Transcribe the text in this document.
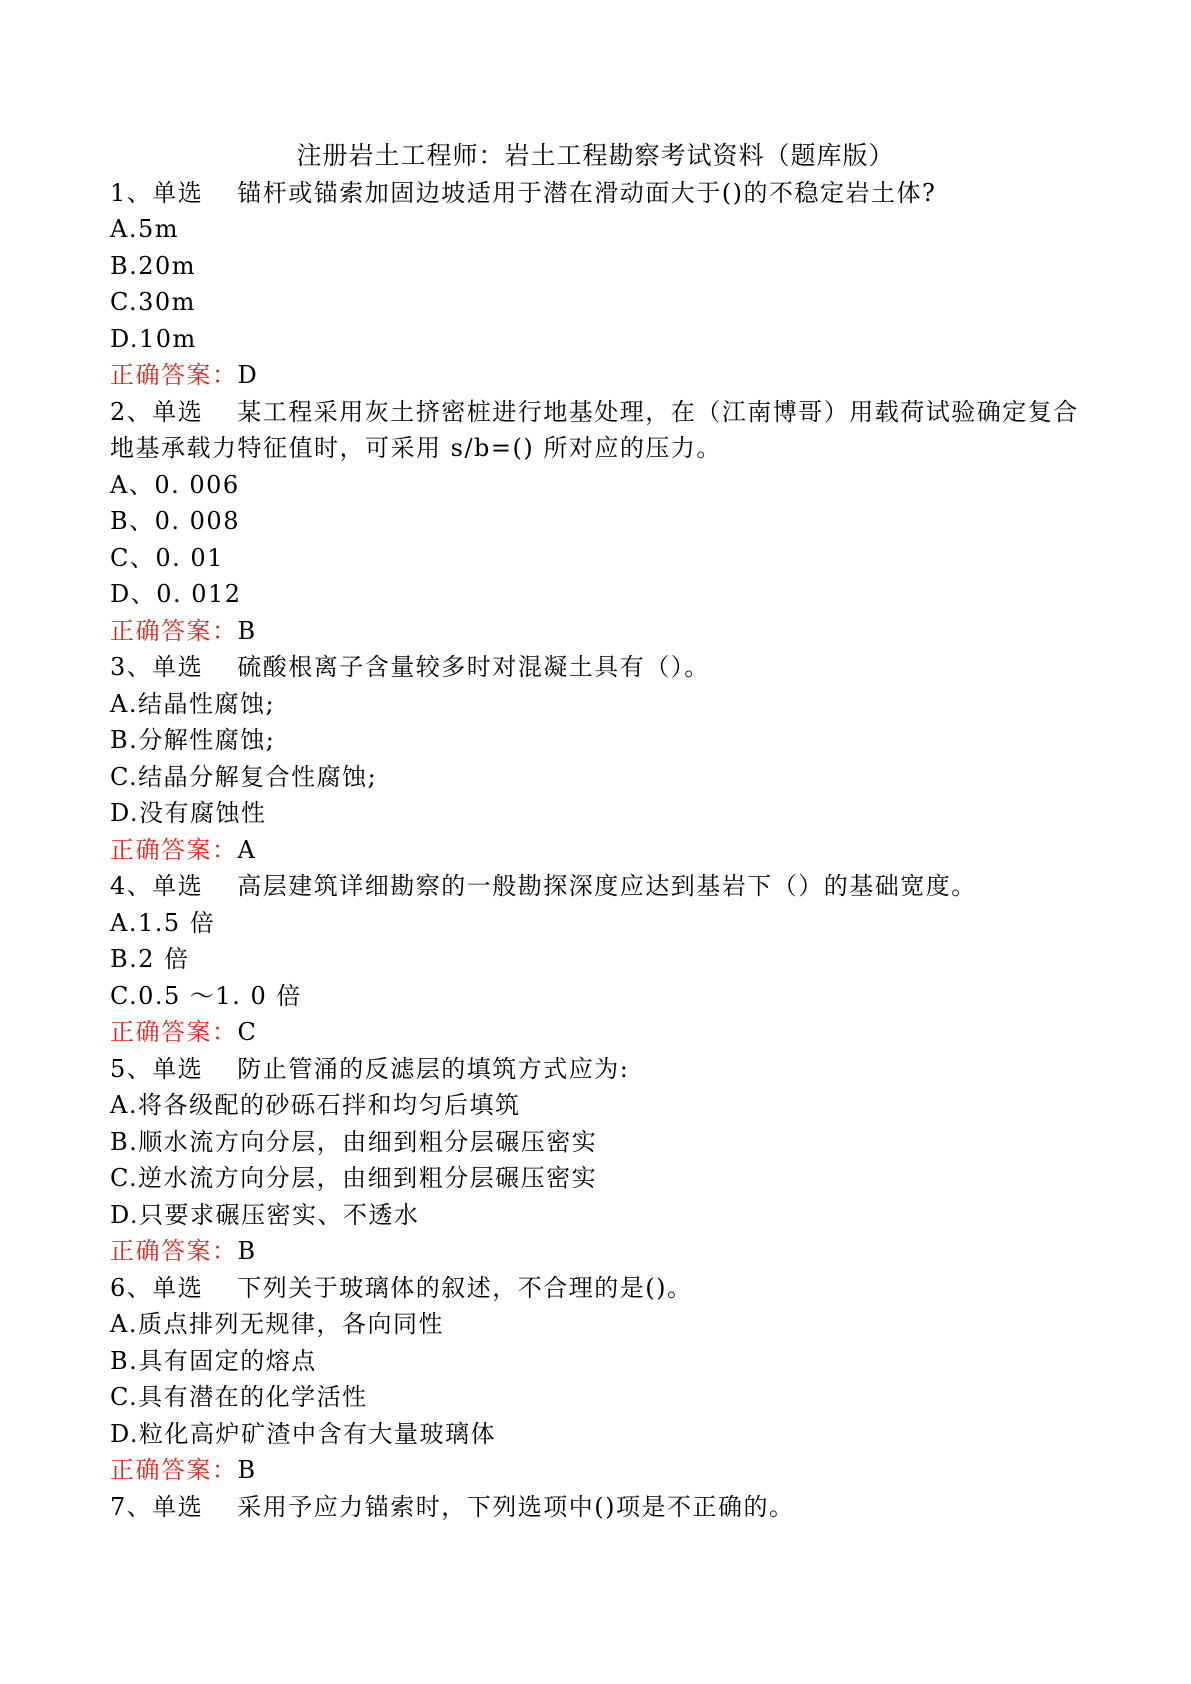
注册岩土工程师：岩土工程勘察考试资料（题库版）

1、单选 锚杆或锚索加固边坡适用于潜在滑动面大于()的不稳定岩土体?

A.5m

B.20m

C.30m

D.10m

正确答案：D

2、单选 某工程采用灰土挤密桩进行地基处理，在（江南博哥）用载荷试验确定复合地基承载力特征值时，可采用 s/b=() 所对应的压力。

A、0. 006

B、0. 008

C、0. 01

D、0. 012

正确答案：B

3、单选 硫酸根离子含量较多时对混凝土具有（）。

A.结晶性腐蚀;

B.分解性腐蚀;

C.结晶分解复合性腐蚀;

D.没有腐蚀性

正确答案：A

4、单选 高层建筑详细勘察的一般勘探深度应达到基岩下（）的基础宽度。

A.1.5 倍

B.2 倍

C.0.5 ～1. 0 倍

正确答案：C

5、单选 防止管涌的反滤层的填筑方式应为:

A.将各级配的砂砾石拌和均匀后填筑

B.顺水流方向分层，由细到粗分层碾压密实

C.逆水流方向分层，由细到粗分层碾压密实

D.只要求碾压密实、不透水

正确答案：B

6、单选 下列关于玻璃体的叙述，不合理的是()。

A.质点排列无规律，各向同性

B.具有固定的熔点

C.具有潜在的化学活性

D.粒化高炉矿渣中含有大量玻璃体

正确答案：B

7、单选 采用予应力锚索时，下列选项中()项是不正确的。
